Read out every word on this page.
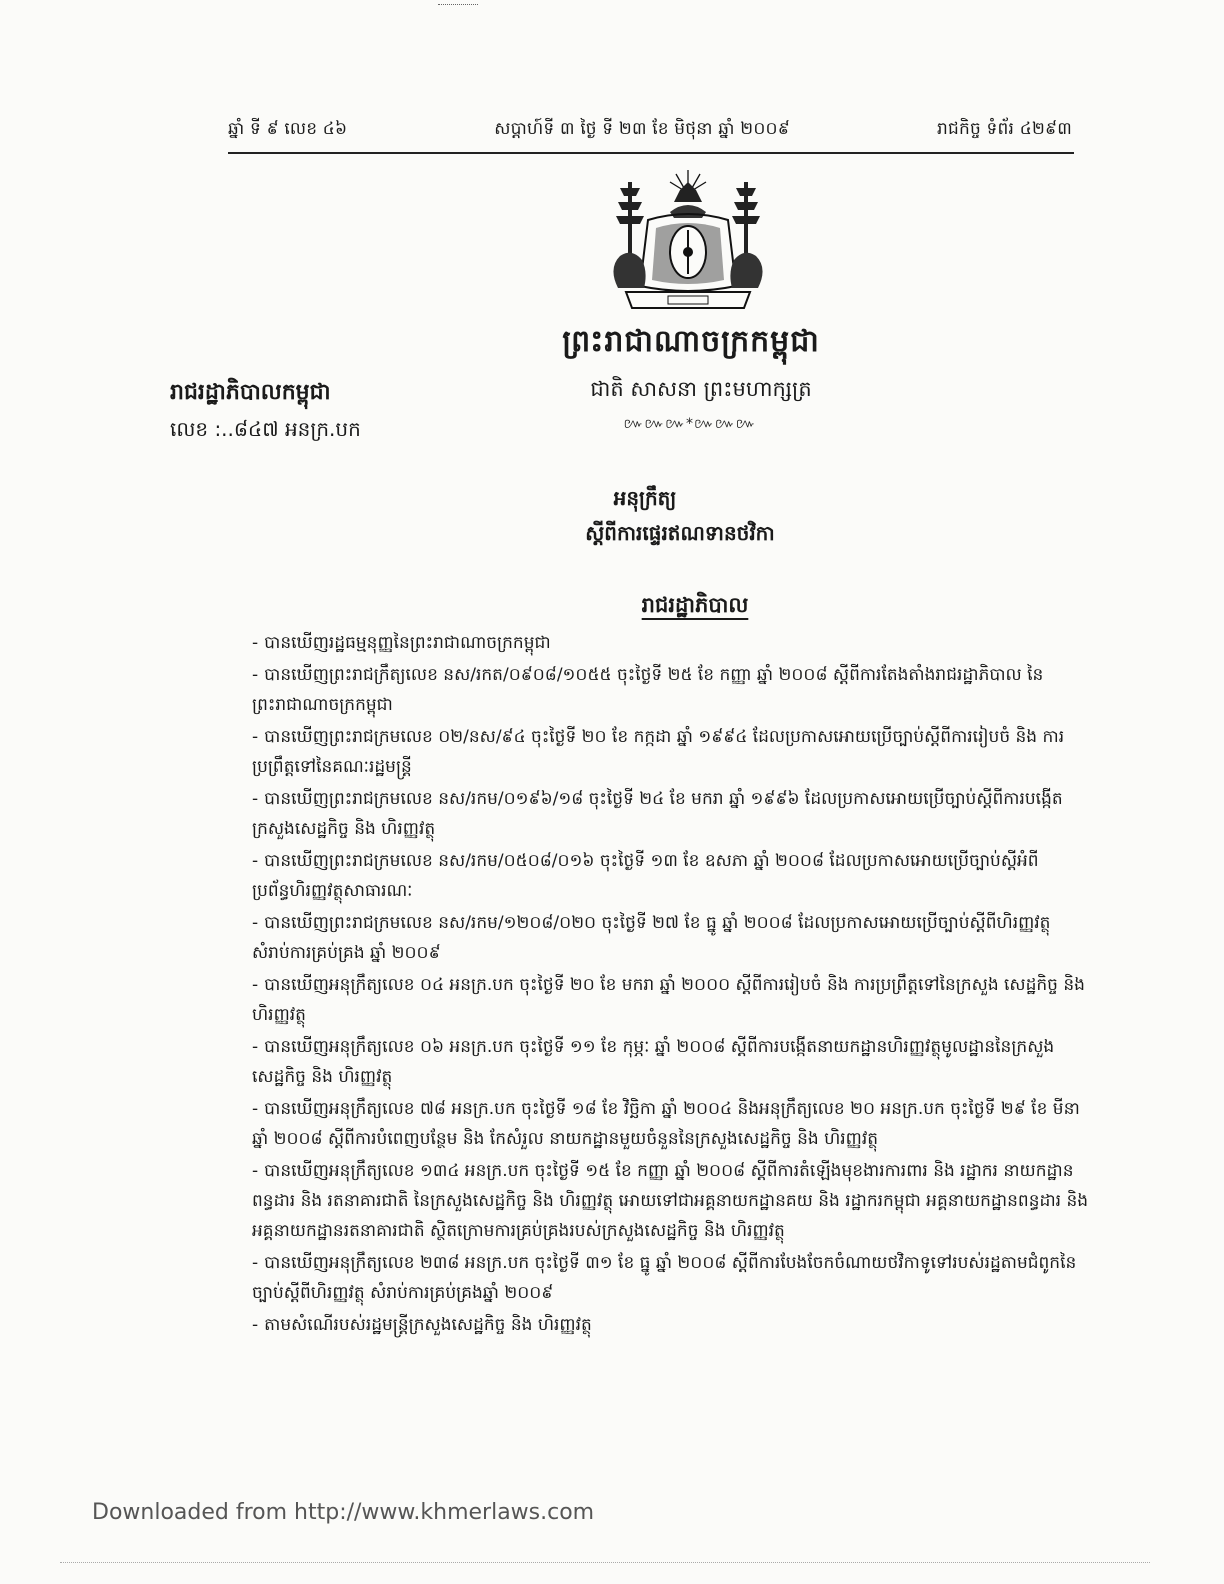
ឆ្នាំ ទី ៩ លេខ ៤៦	សប្តាហ៍ទី ៣ ថ្ងៃ ទី ២៣ ខែ មិថុនា ឆ្នាំ ២០០៩	រាជកិច្ច ទំព័រ ៤២៩៣
ព្រះរាជាណាចក្រកម្ពុជា
ជាតិ សាសនា ព្រះមហាក្សត្រ
៚៚៚*៚៚៚
រាជរដ្ឋាភិបាលកម្ពុជា
លេខ :..៨៤៧ អនក្រ.បក
អនុក្រឹត្យ
ស្តីពីការផ្ទេរឥណទានថវិកា
រាជរដ្ឋាភិបាល
- បានឃើញរដ្ឋធម្មនុញ្ញនៃព្រះរាជាណាចក្រកម្ពុជា
- បានឃើញព្រះរាជក្រឹត្យលេខ នស/រកត/០៩០៨/១០៥៥ ចុះថ្ងៃទី ២៥ ខែ កញ្ញា ឆ្នាំ ២០០៨ ស្តីពីការតែងតាំងរាជរដ្ឋាភិបាល នៃព្រះរាជាណាចក្រកម្ពុជា
- បានឃើញព្រះរាជក្រមលេខ ០២/នស/៩៤ ចុះថ្ងៃទី ២០ ខែ កក្កដា ឆ្នាំ ១៩៩៤ ដែលប្រកាសអោយប្រើច្បាប់ស្តីពីការរៀបចំ និង ការប្រព្រឹត្តទៅនៃគណៈរដ្ឋមន្ត្រី
- បានឃើញព្រះរាជក្រមលេខ នស/រកម/០១៩៦/១៨ ចុះថ្ងៃទី ២៤ ខែ មករា ឆ្នាំ ១៩៩៦ ដែលប្រកាសអោយប្រើច្បាប់ស្តីពីការបង្កើតក្រសួងសេដ្ឋកិច្ច និង ហិរញ្ញវត្ថុ
- បានឃើញព្រះរាជក្រមលេខ នស/រកម/០៥០៨/០១៦ ចុះថ្ងៃទី ១៣ ខែ ឧសភា ឆ្នាំ ២០០៨ ដែលប្រកាសអោយប្រើច្បាប់ស្តីអំពីប្រព័ន្ធហិរញ្ញវត្ថុសាធារណៈ
- បានឃើញព្រះរាជក្រមលេខ នស/រកម/១២០៨/០២០ ចុះថ្ងៃទី ២៧ ខែ ធ្នូ ឆ្នាំ ២០០៨ ដែលប្រកាសអោយប្រើច្បាប់ស្តីពីហិរញ្ញវត្ថុ សំរាប់ការគ្រប់គ្រង ឆ្នាំ ២០០៩
- បានឃើញអនុក្រឹត្យលេខ ០៤ អនក្រ.បក ចុះថ្ងៃទី ២០ ខែ មករា ឆ្នាំ ២០០០ ស្តីពីការរៀបចំ និង ការប្រព្រឹត្តទៅនៃក្រសួង សេដ្ឋកិច្ច និង ហិរញ្ញវត្ថុ
- បានឃើញអនុក្រឹត្យលេខ ០៦ អនក្រ.បក ចុះថ្ងៃទី ១១ ខែ កុម្ភៈ ឆ្នាំ ២០០៨ ស្តីពីការបង្កើតនាយកដ្ឋានហិរញ្ញវត្ថុមូលដ្ឋាននៃក្រសួងសេដ្ឋកិច្ច និង ហិរញ្ញវត្ថុ
- បានឃើញអនុក្រឹត្យលេខ ៧៨ អនក្រ.បក ចុះថ្ងៃទី ១៨ ខែ វិច្ឆិកា ឆ្នាំ ២០០៤ និងអនុក្រឹត្យលេខ ២០ អនក្រ.បក ចុះថ្ងៃទី ២៩ ខែ មីនា ឆ្នាំ ២០០៨ ស្តីពីការបំពេញបន្ថែម និង កែសំរួល នាយកដ្ឋានមួយចំនួននៃក្រសួងសេដ្ឋកិច្ច និង ហិរញ្ញវត្ថុ
- បានឃើញអនុក្រឹត្យលេខ ១៣៤ អនក្រ.បក ចុះថ្ងៃទី ១៥ ខែ កញ្ញា ឆ្នាំ ២០០៨ ស្តីពីការតំឡើងមុខងារការពារ និង រដ្ឋាករ នាយកដ្ឋានពន្ធដារ និង រតនាគារជាតិ នៃក្រសួងសេដ្ឋកិច្ច និង ហិរញ្ញវត្ថុ អោយទៅជាអគ្គនាយកដ្ឋានគយ និង រដ្ឋាករកម្ពុជា អគ្គនាយកដ្ឋានពន្ធដារ និង អគ្គនាយកដ្ឋានរតនាគារជាតិ ស្ថិតក្រោមការគ្រប់គ្រងរបស់ក្រសួងសេដ្ឋកិច្ច និង ហិរញ្ញវត្ថុ
- បានឃើញអនុក្រឹត្យលេខ ២៣៨ អនក្រ.បក ចុះថ្ងៃទី ៣១ ខែ ធ្នូ ឆ្នាំ ២០០៨ ស្តីពីការបែងចែកចំណាយថវិកាទូទៅរបស់រដ្ឋតាមជំពូកនៃច្បាប់ស្តីពីហិរញ្ញវត្ថុ សំរាប់ការគ្រប់គ្រងឆ្នាំ ២០០៩
- តាមសំណើរបស់រដ្ឋមន្ត្រីក្រសួងសេដ្ឋកិច្ច និង ហិរញ្ញវត្ថុ
Downloaded from http://www.khmerlaws.com
